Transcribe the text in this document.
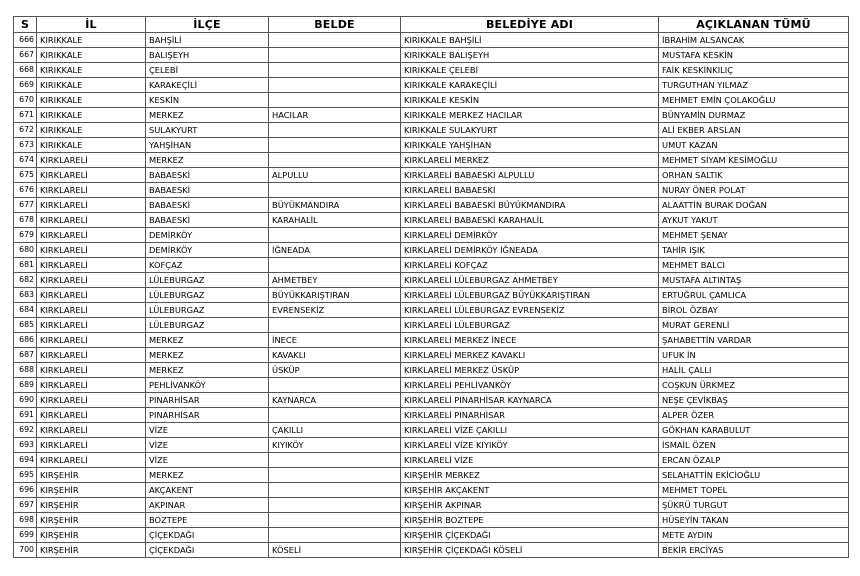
S	İL	İLÇE	BELDE	BELEDİYE ADI	AÇIKLANAN TÜMÜ
666	KIRIKKALE	BAHŞİLİ		KIRIKKALE BAHŞİLİ	İBRAHİM ALSANCAK
667	KIRIKKALE	BALIŞEYH		KIRIKKALE BALIŞEYH	MUSTAFA KESKİN
668	KIRIKKALE	ÇELEBİ		KIRIKKALE ÇELEBİ	FAİK KESKİNKILIÇ
669	KIRIKKALE	KARAKEÇİLİ		KIRIKKALE KARAKEÇİLİ	TURGUTHAN YILMAZ
670	KIRIKKALE	KESKİN		KIRIKKALE KESKİN	MEHMET EMİN ÇOLAKOĞLU
671	KIRIKKALE	MERKEZ	HACILAR	KIRIKKALE MERKEZ HACILAR	BÜNYAMİN DURMAZ
672	KIRIKKALE	SULAKYURT		KIRIKKALE SULAKYURT	ALİ EKBER ARSLAN
673	KIRIKKALE	YAHŞİHAN		KIRIKKALE YAHŞİHAN	UMUT KAZAN
674	KIRKLARELİ	MERKEZ		KIRKLARELİ MERKEZ	MEHMET SİYAM KESİMOĞLU
675	KIRKLARELİ	BABAESKİ	ALPULLU	KIRKLARELİ BABAESKİ ALPULLU	ORHAN SALTIK
676	KIRKLARELİ	BABAESKİ		KIRKLARELİ BABAESKİ	NURAY ÖNER POLAT
677	KIRKLARELİ	BABAESKİ	BÜYÜKMANDIRA	KIRKLARELİ BABAESKİ BÜYÜKMANDIRA	ALAATTİN BURAK DOĞAN
678	KIRKLARELİ	BABAESKİ	KARAHALİL	KIRKLARELİ BABAESKİ KARAHALİL	AYKUT YAKUT
679	KIRKLARELİ	DEMİRKÖY		KIRKLARELİ DEMİRKÖY	MEHMET ŞENAY
680	KIRKLARELİ	DEMİRKÖY	İĞNEADA	KIRKLARELİ DEMİRKÖY İĞNEADA	TAHİR IŞIK
681	KIRKLARELİ	KOFÇAZ		KIRKLARELİ KOFÇAZ	MEHMET BALCI
682	KIRKLARELİ	LÜLEBURGAZ	AHMETBEY	KIRKLARELİ LÜLEBURGAZ AHMETBEY	MUSTAFA ALTINTAŞ
683	KIRKLARELİ	LÜLEBURGAZ	BÜYÜKKARIŞTIRAN	KIRKLARELİ LÜLEBURGAZ BÜYÜKKARIŞTIRAN	ERTUĞRUL ÇAMLICA
684	KIRKLARELİ	LÜLEBURGAZ	EVRENSEKİZ	KIRKLARELİ LÜLEBURGAZ EVRENSEKİZ	BİROL ÖZBAY
685	KIRKLARELİ	LÜLEBURGAZ		KIRKLARELİ LÜLEBURGAZ	MURAT GERENLİ
686	KIRKLARELİ	MERKEZ	İNECE	KIRKLARELİ MERKEZ İNECE	ŞAHABETTİN VARDAR
687	KIRKLARELİ	MERKEZ	KAVAKLI	KIRKLARELİ MERKEZ KAVAKLI	UFUK İN
688	KIRKLARELİ	MERKEZ	ÜSKÜP	KIRKLARELİ MERKEZ ÜSKÜP	HALİL ÇALLI
689	KIRKLARELİ	PEHLİVANKÖY		KIRKLARELİ PEHLİVANKÖY	COŞKUN ÜRKMEZ
690	KIRKLARELİ	PINARHİSAR	KAYNARCA	KIRKLARELİ PINARHİSAR KAYNARCA	NEŞE ÇEVİKBAŞ
691	KIRKLARELİ	PINARHİSAR		KIRKLARELİ PINARHİSAR	ALPER ÖZER
692	KIRKLARELİ	VİZE	ÇAKILLI	KIRKLARELİ VİZE ÇAKILLI	GÖKHAN KARABULUT
693	KIRKLARELİ	VİZE	KIYIKÖY	KIRKLARELİ VİZE KIYIKÖY	İSMAİL ÖZEN
694	KIRKLARELİ	VİZE		KIRKLARELİ VİZE	ERCAN ÖZALP
695	KIRŞEHİR	MERKEZ		KIRŞEHİR MERKEZ	SELAHATTİN EKİCİOĞLU
696	KIRŞEHİR	AKÇAKENT		KIRŞEHİR AKÇAKENT	MEHMET TOPEL
697	KIRŞEHİR	AKPINAR		KIRŞEHİR AKPINAR	ŞÜKRÜ TURGUT
698	KIRŞEHİR	BOZTEPE		KIRŞEHİR BOZTEPE	HÜSEYİN TAKAN
699	KIRŞEHİR	ÇİÇEKDAĞI		KIRŞEHİR ÇİÇEKDAĞI	METE AYDIN
700	KIRŞEHİR	ÇİÇEKDAĞI	KÖSELİ	KIRŞEHİR ÇİÇEKDAĞI KÖSELİ	BEKİR ERCİYAS
